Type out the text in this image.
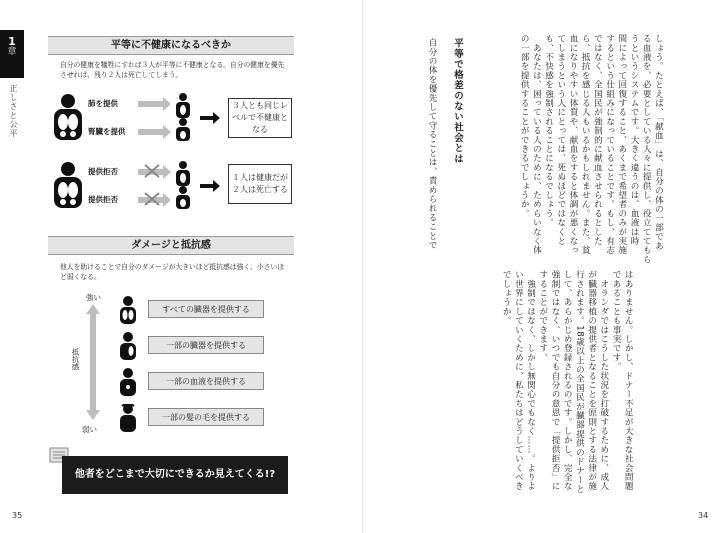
1
章
正しさと公平
平等に不健康になるべきか
自分の健康を犠牲にすれば３人が平等に不健康となる。自分の健康を優先させれば、残り２人は死亡してしまう。
肺を提供
腎臓を提供
３人とも同じレベルで不健康となる
提供拒否
提供拒否
１人は健康だが２人は死亡する
ダメージと抵抗感
他人を助けることで自分のダメージが大きいほど抵抗感は強く、小さいほど弱くなる。
強い
抵抗感
弱い
すべての臓器を提供する
一部の臓器を提供する
一部の血液を提供する
一部の髪の毛を提供する
他者をどこまで大切にできるか見えてくる!?
35
しょう。たとえば、「献血」は、自分の体の一部であ
る血液を、必要としている人々に提供し、役立ててもら
うというシステムです。大きく違うのは、血液は時
間によって回復すること、あくまで希望者のみが実施
するという仕組みになっていることです。もし、有志
ではなく、全国民が強制的に献血させられるとした
ら、抵抗を感じる人もいるかもしれません。また、貧
血になりやすい体質や、献血をすると体調が悪くなっ
てしまうという人にとっては、死ぬほどではなくと
も、不快感を強制されることになるでしょう。
　あなたは、困っている人のために、ためらいなく体
の一部を提供することができるでしょうか。
平等で格差のない社会とは
自分の体を優先して守ることは、責められることで
はありません。しかし、ドナー不足が大きな社会問題
であることも事実です。
　オランダではこうした状況を打破するために、成人
が臓器移植の提供者となることを原則とする法律が施
行されます。18歳以上の全国民が臓器提供のドナーと
して、あらかじめ登録されるのです。しかし、完全な
強制ではなく、いつでも自分の意思で「提供拒否」に
することができます。
　強制ではなく、しかし無関心でもなく……。よりよ
い世界にしていくために、私たちはどうしていくべき
でしょうか。
34
